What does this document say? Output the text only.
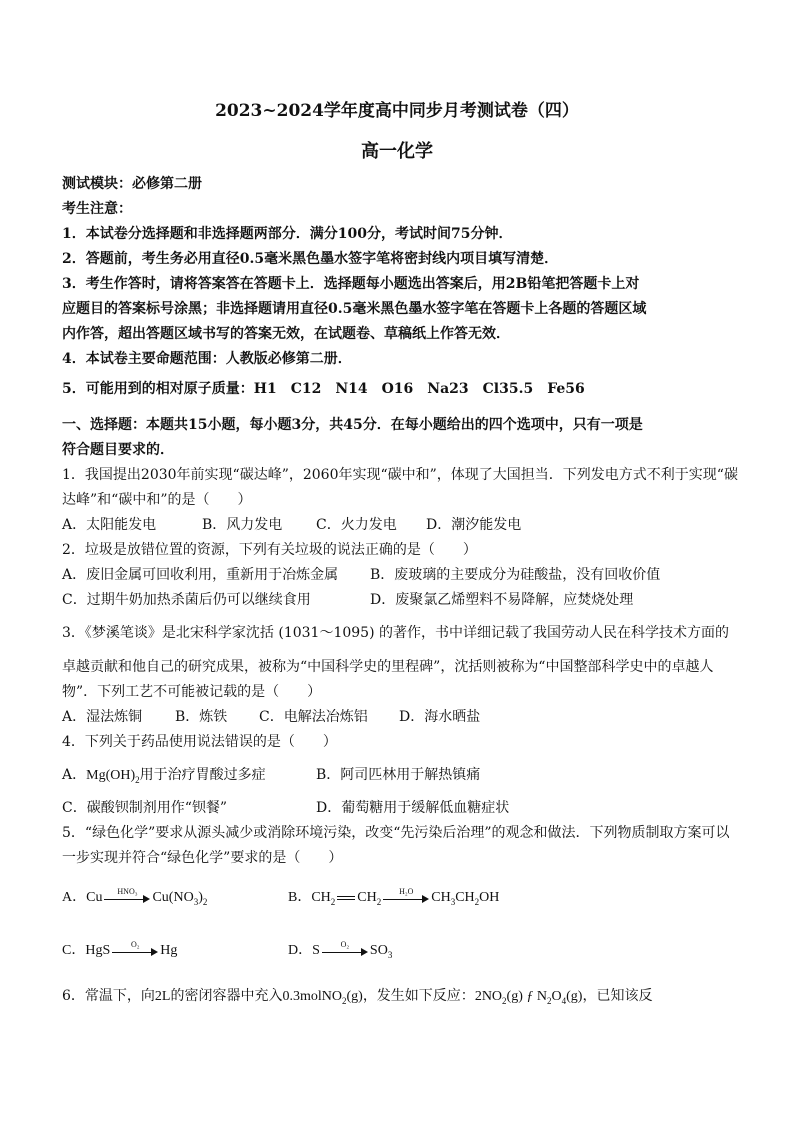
2023~2024学年度高中同步月考测试卷（四）
高一化学
测试模块：必修第二册
考生注意：
1．本试卷分选择题和非选择题两部分．满分100分，考试时间75分钟．
2．答题前，考生务必用直径0.5毫米黑色墨水签字笔将密封线内项目填写清楚．
3．考生作答时，请将答案答在答题卡上．选择题每小题选出答案后，用2B铅笔把答题卡上对
应题目的答案标号涂黑；非选择题请用直径0.5毫米黑色墨水签字笔在答题卡上各题的答题区域
内作答，超出答题区域书写的答案无效，在试题卷、草稿纸上作答无效．
4．本试卷主要命题范围：人教版必修第二册．
5．可能用到的相对原子质量：H1　C12　N14　O16　Na23　Cl35.5　Fe56
一、选择题：本题共15小题，每小题3分，共45分．在每小题给出的四个选项中，只有一项是
符合题目要求的．
1．我国提出2030年前实现“碳达峰”，2060年实现“碳中和”，体现了大国担当．下列发电方式不利于实现“碳
达峰”和“碳中和”的是（　　）
A．太阳能发电	B．风力发电 C．火力发电 D．潮汐能发电
2．垃圾是放错位置的资源，下列有关垃圾的说法正确的是（　　）
A．废旧金属可回收利用，重新用于冶炼金属 B．废玻璃的主要成分为硅酸盐，没有回收价值
C．过期牛奶加热杀菌后仍可以继续食用	D．废聚氯乙烯塑料不易降解，应焚烧处理
3．《梦溪笔谈》是北宋科学家沈括 (1031～1095) 的著作，书中详细记载了我国劳动人民在科学技术方面的
卓越贡献和他自己的研究成果，被称为“中国科学史的里程碑”，沈括则被称为“中国整部科学史中的卓越人
物”．下列工艺不可能被记载的是（　　）
A．湿法炼铜 B．炼铁 C．电解法冶炼铝 D．海水晒盐
4．下列关于药品使用说法错误的是（　　）
A．$Mg(OH)_2$用于治疗胃酸过多症	B．阿司匹林用于解热镇痛
C．碳酸钡制剂用作“钡餐”	D．葡萄糖用于缓解低血糖症状
5．“绿色化学”要求从源头减少或消除环境污染，改变“先污染后治理”的观念和做法．下列物质制取方案可以
一步实现并符合“绿色化学”要求的是（　　）
A．Cu	HNO₃	$Cu(NO_3)_2$	B．$CH_2$ $CH_2$
H₂O	$CH_3CH_2OH$
C．HgS	O₂	Hg	D．S	O₂	$SO_3$
6．常温下，向2L的密闭容器中充入0.3molNO$_2$(g)，发生如下反应：$2NO_2(g)$ ƒ $N_2O_4(g)$，已知该反
